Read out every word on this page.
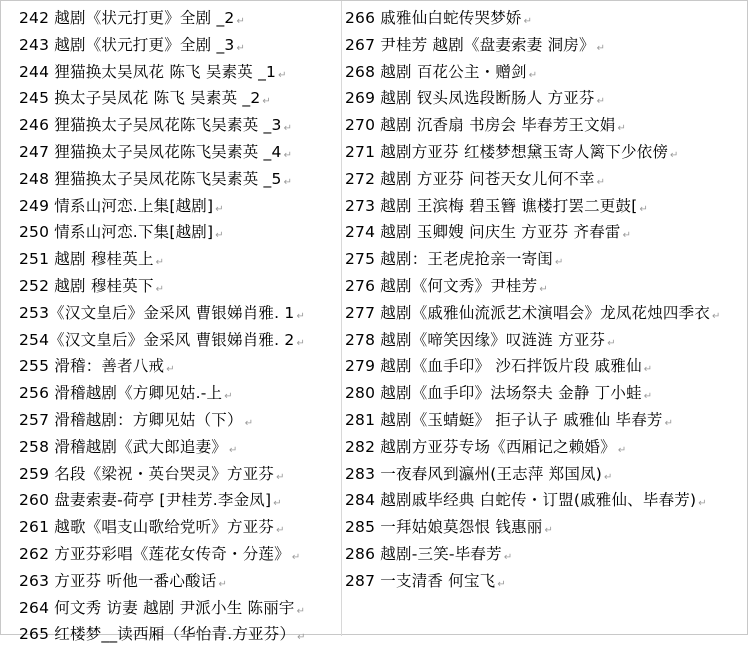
242 越剧《状元打更》全剧 _2 ↵
243 越剧《状元打更》全剧 _3 ↵
244 狸猫换太吴凤花 陈飞 吴素英 _1 ↵
245 换太子吴凤花 陈飞 吴素英 _2 ↵
246 狸猫换太子吴凤花陈飞吴素英 _3 ↵
247 狸猫换太子吴凤花陈飞吴素英 _4 ↵
248 狸猫换太子吴凤花陈飞吴素英 _5 ↵
249 情系山河恋.上集[越剧] ↵
250 情系山河恋.下集[越剧] ↵
251 越剧 穆桂英上 ↵
252 越剧 穆桂英下 ↵
253《汉文皇后》金采风 曹银娣肖雅. 1 ↵
254《汉文皇后》金采风 曹银娣肖雅. 2 ↵
255 滑稽：善者八戒 ↵
256 滑稽越剧《方卿见姑.-上 ↵
257 滑稽越剧：方卿见姑（下） ↵
258 滑稽越剧《武大郎追妻》 ↵
259 名段《梁祝・英台哭灵》方亚芬 ↵
260 盘妻索妻-荷亭 [尹桂芳.李金凤] ↵
261 越歌《唱支山歌给党听》方亚芬 ↵
262 方亚芬彩唱《莲花女传奇・分莲》 ↵
263 方亚芬 听他一番心酸话 ↵
264 何文秀 访妻 越剧 尹派小生 陈丽宇 ↵
265 红楼梦__读西厢（华怡青.方亚芬） ↵
266 戚雅仙白蛇传哭梦娇 ↵
267 尹桂芳 越剧《盘妻索妻 洞房》 ↵
268 越剧 百花公主・赠剑 ↵
269 越剧 钗头凤选段断肠人 方亚芬 ↵
270 越剧 沉香扇 书房会 毕春芳王文娟 ↵
271 越剧方亚芬 红楼梦想黛玉寄人篱下少依傍 ↵
272 越剧 方亚芬 问苍天女儿何不幸 ↵
273 越剧 王滨梅 碧玉簪 谯楼打罢二更鼓[ ↵
274 越剧 玉卿嫂 问庆生 方亚芬 齐春雷 ↵
275 越剧：王老虎抢亲一寄闺 ↵
276 越剧《何文秀》尹桂芳 ↵
277 越剧《戚雅仙流派艺术演唱会》龙凤花烛四季衣 ↵
278 越剧《啼笑因缘》叹涟涟 方亚芬 ↵
279 越剧《血手印》 沙石拌饭片段 戚雅仙 ↵
280 越剧《血手印》法场祭夫 金静 丁小蛙 ↵
281 越剧《玉蜻蜓》 拒子认子 戚雅仙 毕春芳 ↵
282 越剧方亚芬专场《西厢记之赖婚》 ↵
283 一夜春风到瀛州(王志萍 郑国凤) ↵
284 越剧戚毕经典 白蛇传・订盟(戚雅仙、毕春芳) ↵
285 一拜姑娘莫怨恨 钱惠丽 ↵
286 越剧-三笑-毕春芳 ↵
287 一支清香 何宝飞 ↵
